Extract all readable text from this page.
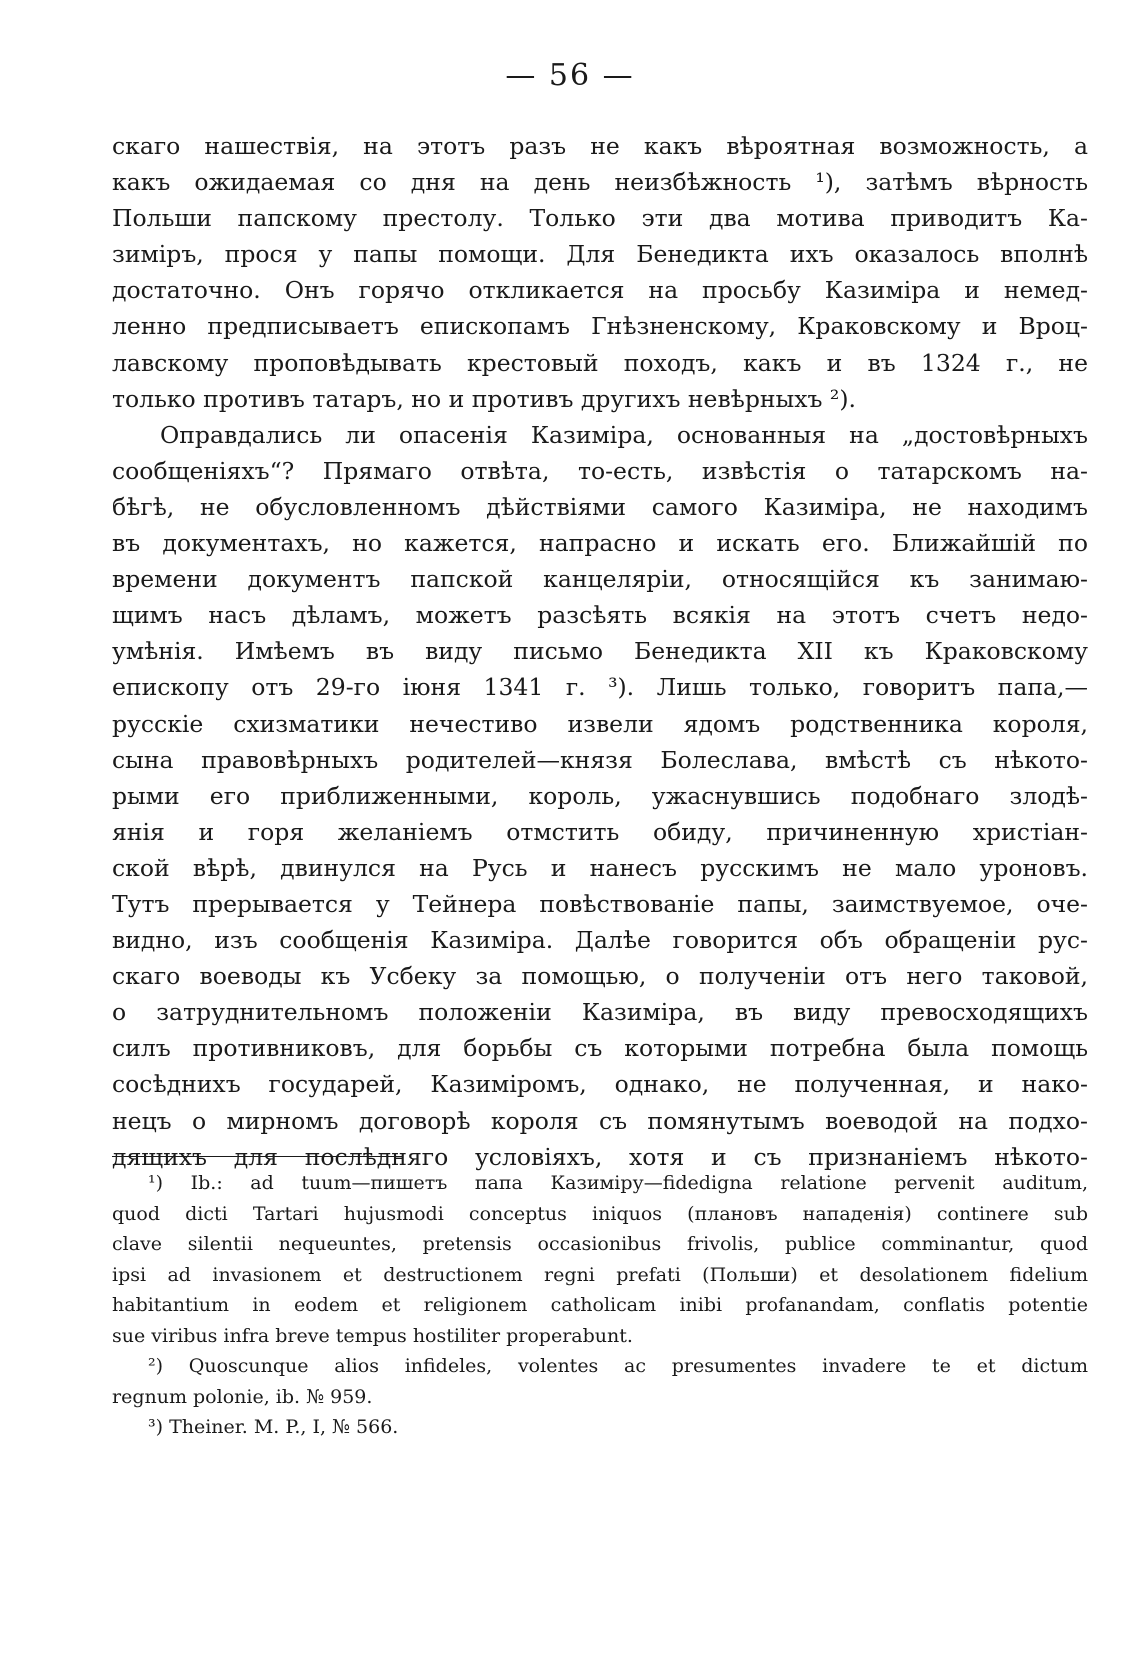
— 56 —
скаго нашествія, на этотъ разъ не какъ вѣроятная возможность, а
какъ ожидаемая со дня на день неизбѣжность ¹), затѣмъ вѣрность
Польши папскому престолу. Только эти два мотива приводитъ Ка-
зиміръ, прося у папы помощи. Для Бенедикта ихъ оказалось вполнѣ
достаточно. Онъ горячо откликается на просьбу Казиміра и немед-
ленно предписываетъ епископамъ Гнѣзненскому, Краковскому и Вроц-
лавскому проповѣдывать крестовый походъ, какъ и въ 1324 г., не
только противъ татаръ, но и противъ другихъ невѣрныхъ ²).
Оправдались ли опасенія Казиміра, основанныя на „достовѣрныхъ
сообщеніяхъ“? Прямаго отвѣта, то-есть, извѣстія о татарскомъ на-
бѣгѣ, не обусловленномъ дѣйствіями самого Казиміра, не находимъ
въ документахъ, но кажется, напрасно и искать его. Ближайшій по
времени документъ папской канцеляріи, относящійся къ занимаю-
щимъ насъ дѣламъ, можетъ разсѣять всякія на этотъ счетъ недо-
умѣнія. Имѣемъ въ виду письмо Бенедикта XII къ Краковскому
епископу отъ 29-го іюня 1341 г. ³). Лишь только, говоритъ папа,—
русскіе схизматики нечестиво извели ядомъ родственника короля,
сына правовѣрныхъ родителей—князя Болеслава, вмѣстѣ съ нѣкото-
рыми его приближенными, король, ужаснувшись подобнаго злодѣ-
янія и горя желаніемъ отмстить обиду, причиненную христіан-
ской вѣрѣ, двинулся на Русь и нанесъ русскимъ не мало уроновъ.
Тутъ прерывается у Тейнера повѣствованіе папы, заимствуемое, оче-
видно, изъ сообщенія Казиміра. Далѣе говорится объ обращеніи рус-
скаго воеводы къ Усбеку за помощью, о полученіи отъ него таковой,
о затруднительномъ положеніи Казиміра, въ виду превосходящихъ
силъ противниковъ, для борьбы съ которыми потребна была помощь
сосѣднихъ государей, Казиміромъ, однако, не полученная, и нако-
нецъ о мирномъ договорѣ короля съ помянутымъ воеводой на подхо-
дящихъ для послѣдняго условіяхъ, хотя и съ признаніемъ нѣкото-
¹) Ib.: ad tuum—пишетъ папа Казиміру—fidedigna relatione pervenit auditum,
quod dicti Tartari hujusmodi conceptus iniquos (плановъ нападенія) continere sub
clave silentii nequeuntes, pretensis occasionibus frivolis, publice comminantur, quod
ipsi ad invasionem et destructionem regni prefati (Польши) et desolationem fidelium
habitantium in eodem et religionem catholicam inibi profanandam, conflatis potentie
sue viribus infra breve tempus hostiliter properabunt.
²) Quoscunque alios infideles, volentes ac presumentes invadere te et dictum
regnum polonie, ib. № 959.
³) Theiner. M. P., I, № 566.
